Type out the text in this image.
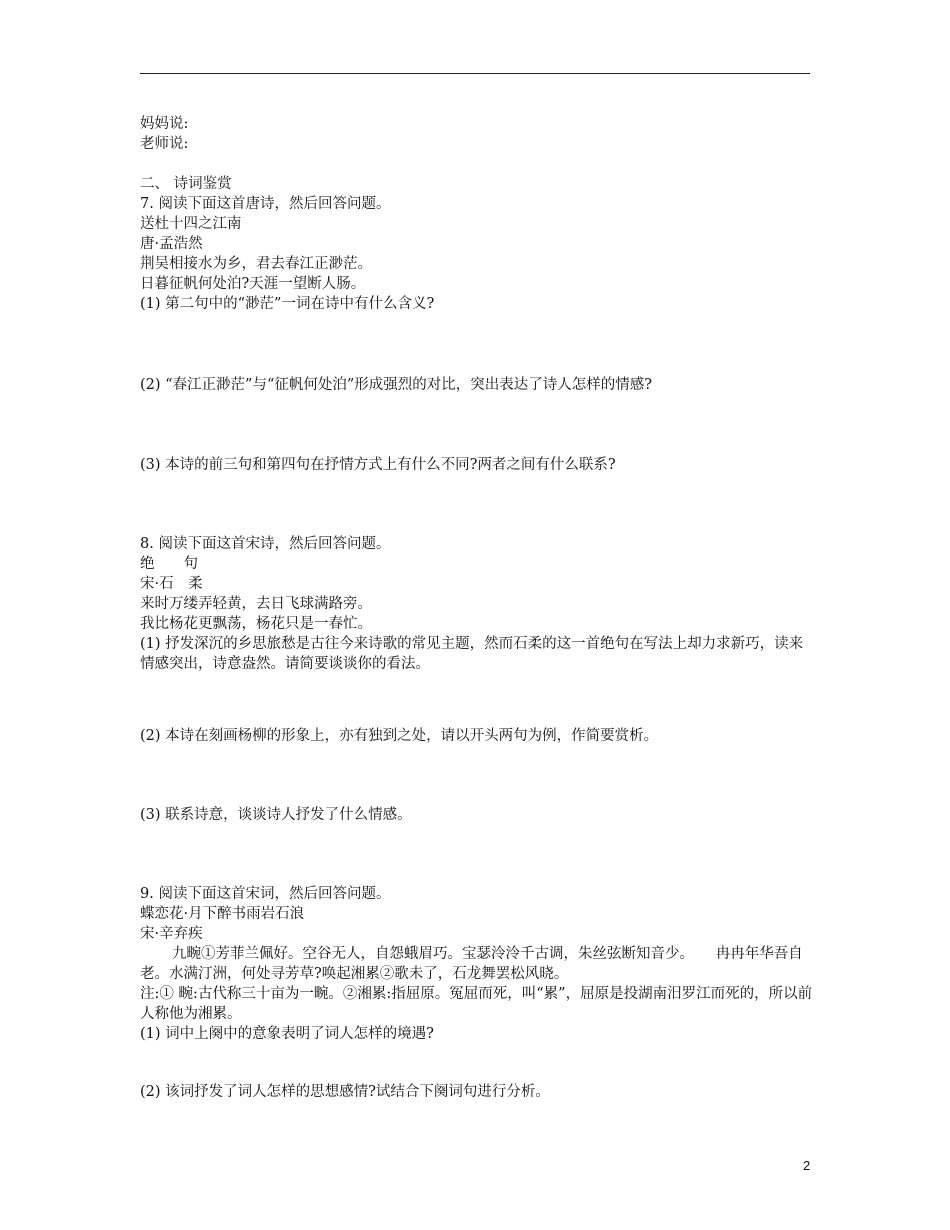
妈妈说:
老师说:
二、 诗词鉴赏
7. 阅读下面这首唐诗，然后回答问题。
送杜十四之江南
唐·孟浩然
荆吴相接水为乡，君去春江正渺茫。
日暮征帆何处泊?天涯一望断人肠。
(1) 第二句中的“渺茫”一词在诗中有什么含义?
(2) “春江正渺茫”与“征帆何处泊”形成强烈的对比，突出表达了诗人怎样的情感?
(3) 本诗的前三句和第四句在抒情方式上有什么不同?两者之间有什么联系?
8. 阅读下面这首宋诗，然后回答问题。
绝　　句
宋·石　柔
来时万缕弄轻黄，去日飞球满路旁。
我比杨花更飘荡，杨花只是一春忙。
(1) 抒发深沉的乡思旅愁是古往今来诗歌的常见主题，然而石柔的这一首绝句在写法上却力求新巧，读来情感突出，诗意盎然。请简要谈谈你的看法。
(2) 本诗在刻画杨柳的形象上，亦有独到之处，请以开头两句为例，作简要赏析。
(3) 联系诗意，谈谈诗人抒发了什么情感。
9. 阅读下面这首宋词，然后回答问题。
蝶恋花·月下醉书雨岩石浪
宋·辛弃疾
九畹①芳菲兰佩好。空谷无人，自怨蛾眉巧。宝瑟泠泠千古调，朱丝弦断知音少。　　冉冉年华吾自老。水满汀洲，何处寻芳草?唤起湘累②歌未了，石龙舞罢松风晓。
注:① 畹:古代称三十亩为一畹。②湘累:指屈原。冤屈而死，叫“累”，屈原是投湖南汨罗江而死的，所以前人称他为湘累。
(1) 词中上阕中的意象表明了词人怎样的境遇?
(2) 该词抒发了词人怎样的思想感情?试结合下阕词句进行分析。
2
